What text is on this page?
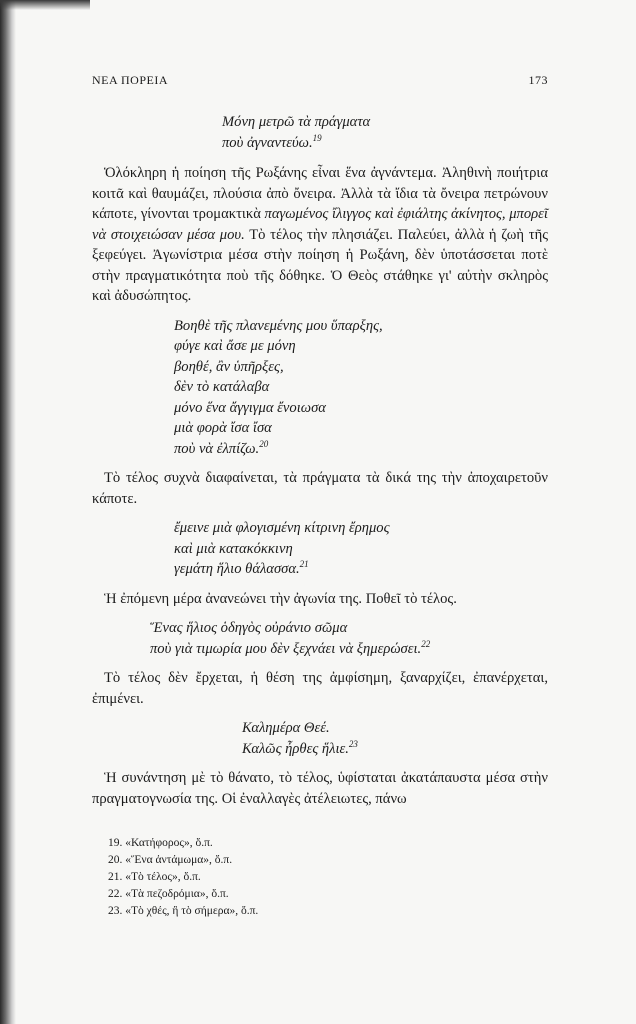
ΝΕΑ ΠΟΡΕΙΑ	173
Μόνη μετρῶ τὰ πράγματα
ποὺ ἀγναντεύω.$^{19}$

Ὁλόκληρη ἡ ποίηση τῆς Ρωξάνης εἶναι ἕνα ἀγνάντεμα. Ἀληθινὴ ποιήτρια κοιτᾶ καὶ θαυμάζει, πλούσια ἀπὸ ὄνειρα. Ἀλλὰ τὰ ἴδια τὰ ὄνειρα πετρώνουν κάποτε, γίνονται τρομακτικὰ παγωμένος ἴλιγγος καὶ ἐφιάλτης ἀκίνητος, μπορεῖ νὰ στοιχειώσαν μέσα μου. Τὸ τέλος τὴν πλησιάζει. Παλεύει, ἀλλὰ ἡ ζωὴ τῆς ξεφεύγει. Ἀγωνίστρια μέσα στὴν ποίηση ἡ Ρωξάνη, δὲν ὑποτάσσεται ποτὲ στὴν πραγματικότητα ποὺ τῆς δόθηκε. Ὁ Θεὸς στάθηκε γι' αὐτὴν σκληρὸς καὶ ἀδυσώπητος.

Βοηθὲ τῆς πλανεμένης μου ὕπαρξης,
φύγε καὶ ἄσε με μόνη
βοηθέ, ἂν ὑπῆρξες,
δὲν τὸ κατάλαβα
μόνο ἕνα ἄγγιγμα ἔνοιωσα
μιὰ φορὰ ἴσα ἴσα
ποὺ νὰ ἐλπίζω.$^{20}$

Τὸ τέλος συχνὰ διαφαίνεται, τὰ πράγματα τὰ δικά της τὴν ἀποχαιρετοῦν κάποτε.

ἔμεινε μιὰ φλογισμένη κίτρινη ἔρημος
καὶ μιὰ κατακόκκινη
γεμάτη ἥλιο θάλασσα.$^{21}$

Ἡ ἐπόμενη μέρα ἀνανεώνει τὴν ἀγωνία της. Ποθεῖ τὸ τέλος.

Ἕνας ἥλιος ὁδηγὸς οὐράνιο σῶμα
ποὺ γιὰ τιμωρία μου δὲν ξεχνάει νὰ ξημερώσει.$^{22}$

Τὸ τέλος δὲν ἔρχεται, ἡ θέση της ἀμφίσημη, ξαναρχίζει, ἐπανέρχεται, ἐπιμένει.

Καλημέρα Θεέ.
Καλῶς ἦρθες ἥλιε.$^{23}$

Ἡ συνάντηση μὲ τὸ θάνατο, τὸ τέλος, ὑφίσταται ἀκατάπαυστα μέσα στὴν πραγματογνωσία της. Οἱ ἐναλλαγὲς ἀτέλειωτες, πάνω

19. «Κατήφορος», ὅ.π.
20. «Ἕνα ἀντάμωμα», ὅ.π.
21. «Τὸ τέλος», ὅ.π.
22. «Τὰ πεζοδρόμια», ὅ.π.
23. «Τὸ χθές, ἢ τὸ σήμερα», ὅ.π.
